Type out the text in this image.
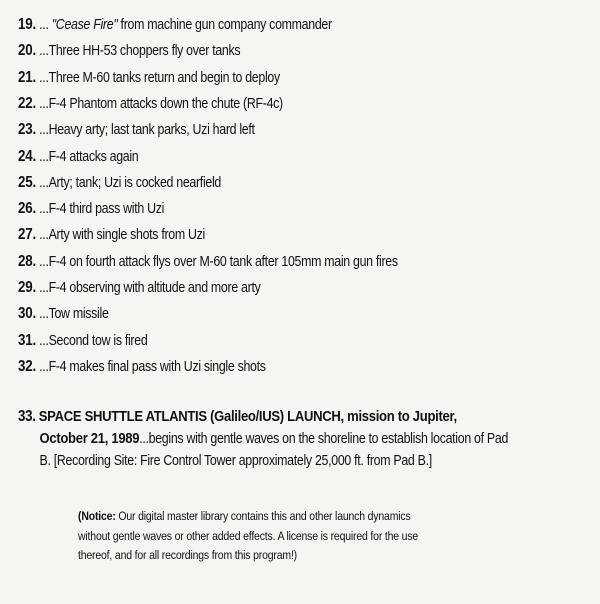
19. ... "Cease Fire" from machine gun company commander
20. ...Three HH-53 choppers fly over tanks
21. ...Three M-60 tanks return and begin to deploy
22. ...F-4 Phantom attacks down the chute (RF-4c)
23. ...Heavy arty; last tank parks, Uzi hard left
24. ...F-4 attacks again
25. ...Arty; tank; Uzi is cocked nearfield
26. ...F-4 third pass with Uzi
27. ...Arty with single shots from Uzi
28. ...F-4 on fourth attack flys over M-60 tank after 105mm main gun fires
29. ...F-4 observing with altitude and more arty
30. ...Tow missile
31. ...Second tow is fired
32. ...F-4 makes final pass with Uzi single shots
33. SPACE SHUTTLE ATLANTIS (Galileo/IUS) LAUNCH, mission to Jupiter,
October 21, 1989...begins with gentle waves on the shoreline to establish location of Pad
B. [Recording Site: Fire Control Tower approximately 25,000 ft. from Pad B.]
(Notice: Our digital master library contains this and other launch dynamics
without gentle waves or other added effects. A license is required for the use
thereof, and for all recordings from this program!)
